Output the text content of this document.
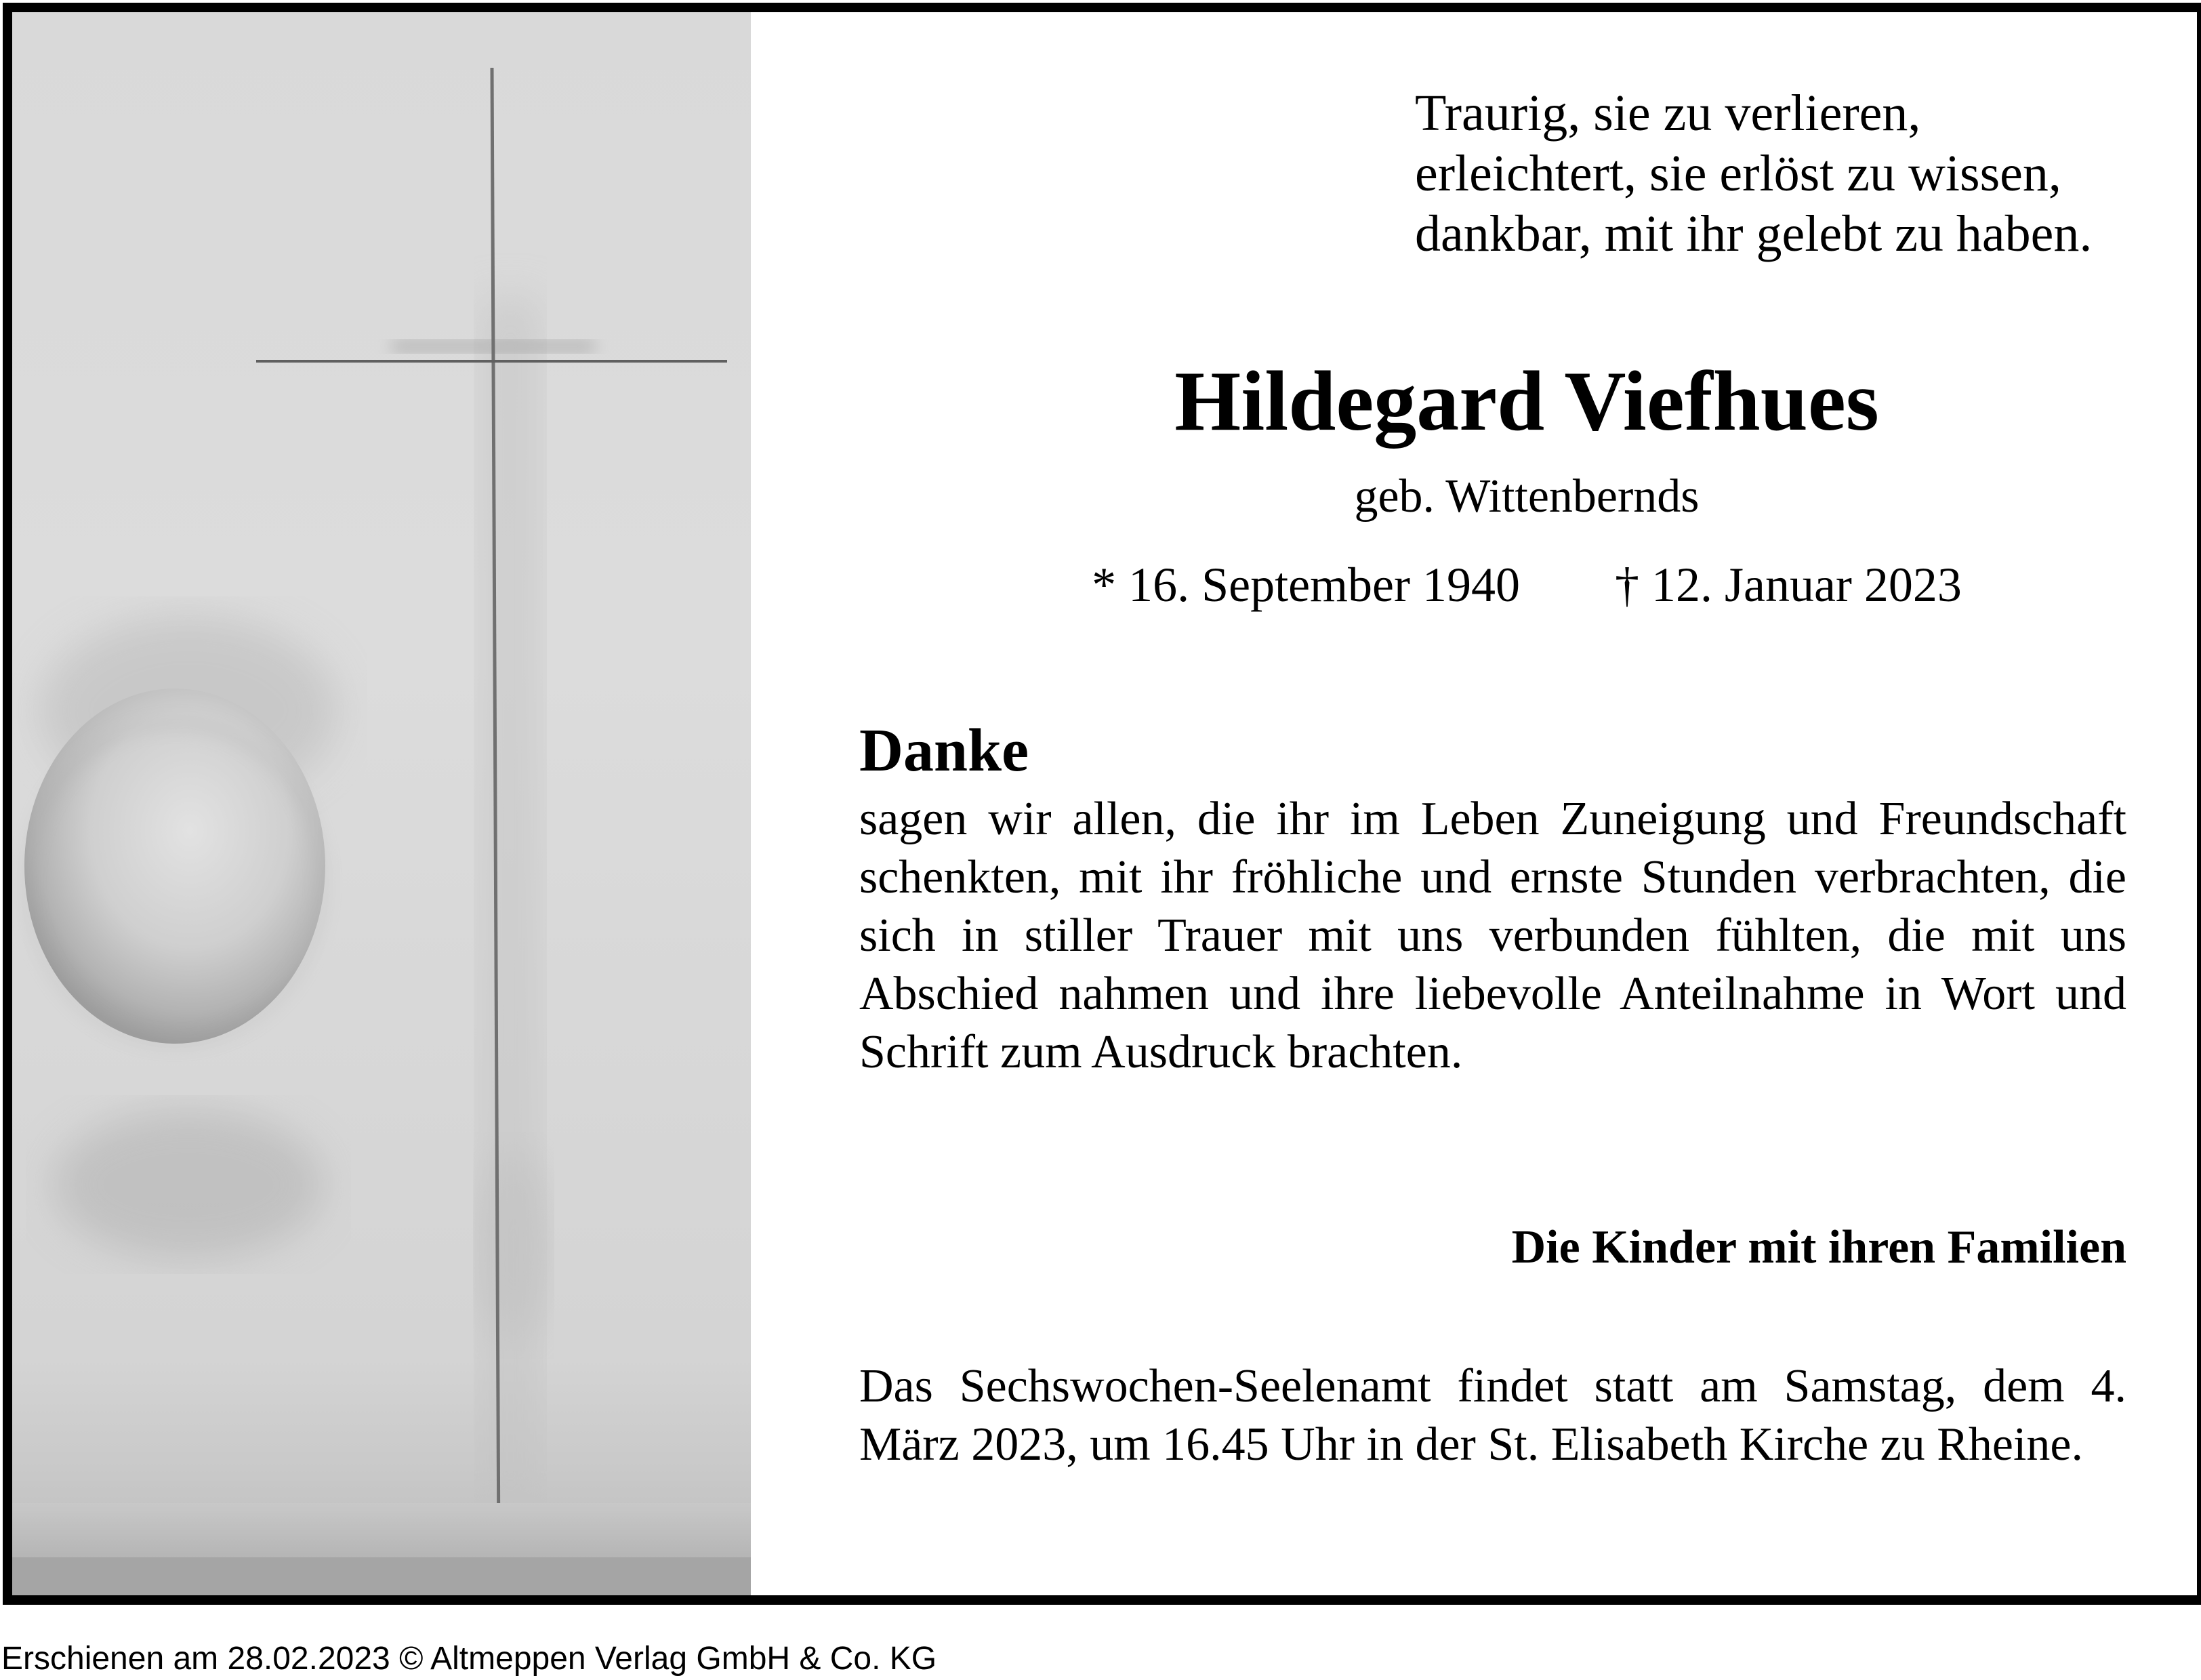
Traurig, sie zu verlieren,
erleichtert, sie erlöst zu wissen,
dankbar, mit ihr gelebt zu haben.
Hildegard Viefhues
geb. Wittenbernds
* 16. September 1940 † 12. Januar 2023
Danke
sagen wir allen, die ihr im Leben Zuneigung und Freundschaft schenkten, mit ihr fröhliche und ernste Stunden verbrachten, die sich in stiller Trauer mit uns verbunden fühlten, die mit uns Abschied nahmen und ihre liebevolle Anteilnahme in Wort und Schrift zum Ausdruck brachten.
Die Kinder mit ihren Familien
Das Sechswochen-Seelenamt findet statt am Samstag, dem 4. März 2023, um 16.45 Uhr in der St. Elisabeth Kirche zu Rheine.
Erschienen am 28.02.2023 © Altmeppen Verlag GmbH & Co. KG
